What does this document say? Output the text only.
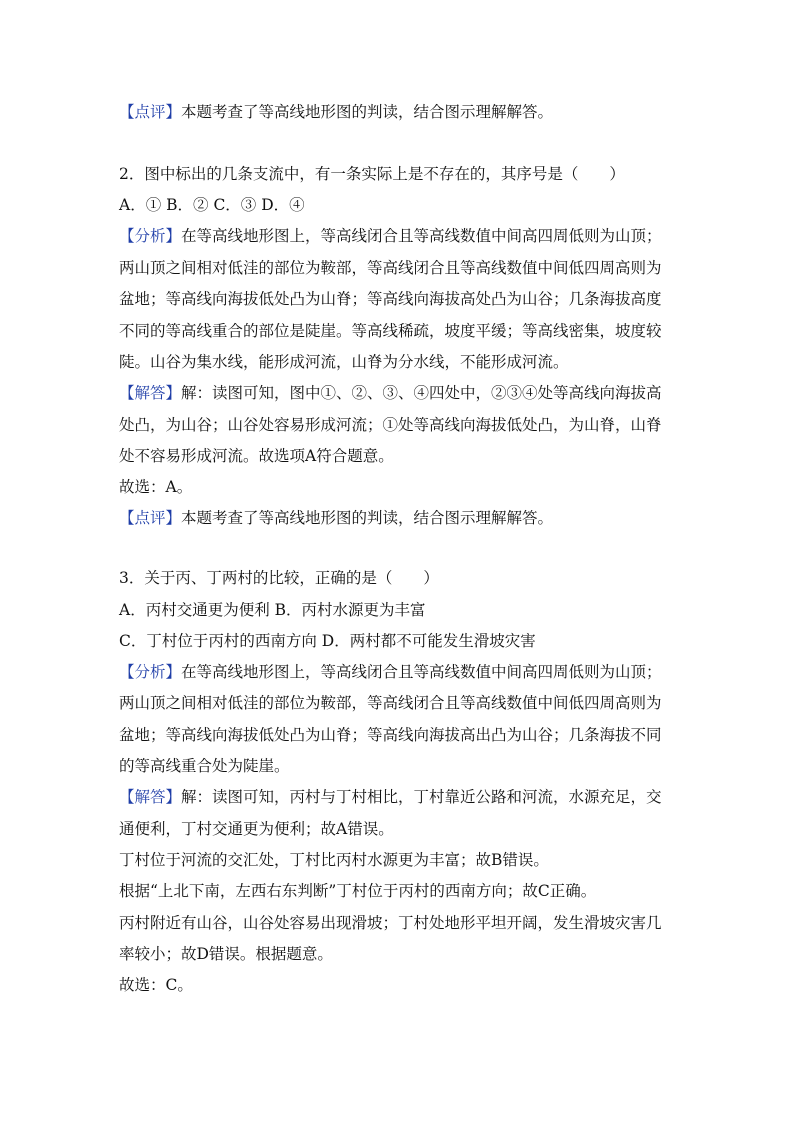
【点评】本题考查了等高线地形图的判读，结合图示理解解答。
2．图中标出的几条支流中，有一条实际上是不存在的，其序号是（　　）
A．① B．② C．③ D．④
【分析】在等高线地形图上，等高线闭合且等高线数值中间高四周低则为山顶；
两山顶之间相对低洼的部位为鞍部，等高线闭合且等高线数值中间低四周高则为
盆地；等高线向海拔低处凸为山脊；等高线向海拔高处凸为山谷；几条海拔高度
不同的等高线重合的部位是陡崖。等高线稀疏，坡度平缓；等高线密集，坡度较
陡。山谷为集水线，能形成河流，山脊为分水线，不能形成河流。
【解答】解：读图可知，图中①、②、③、④四处中，②③④处等高线向海拔高
处凸，为山谷；山谷处容易形成河流；①处等高线向海拔低处凸，为山脊，山脊
处不容易形成河流。故选项A符合题意。
故选：A。
【点评】本题考查了等高线地形图的判读，结合图示理解解答。
3．关于丙、丁两村的比较，正确的是（　　）
A．丙村交通更为便利 B．丙村水源更为丰富
C．丁村位于丙村的西南方向 D．两村都不可能发生滑坡灾害
【分析】在等高线地形图上，等高线闭合且等高线数值中间高四周低则为山顶；
两山顶之间相对低洼的部位为鞍部，等高线闭合且等高线数值中间低四周高则为
盆地；等高线向海拔低处凸为山脊；等高线向海拔高出凸为山谷；几条海拔不同
的等高线重合处为陡崖。
【解答】解：读图可知，丙村与丁村相比，丁村靠近公路和河流，水源充足，交
通便利，丁村交通更为便利；故A错误。
丁村位于河流的交汇处，丁村比丙村水源更为丰富；故B错误。
根据“上北下南，左西右东判断”丁村位于丙村的西南方向；故C正确。
丙村附近有山谷，山谷处容易出现滑坡；丁村处地形平坦开阔，发生滑坡灾害几
率较小；故D错误。根据题意。
故选：C。
